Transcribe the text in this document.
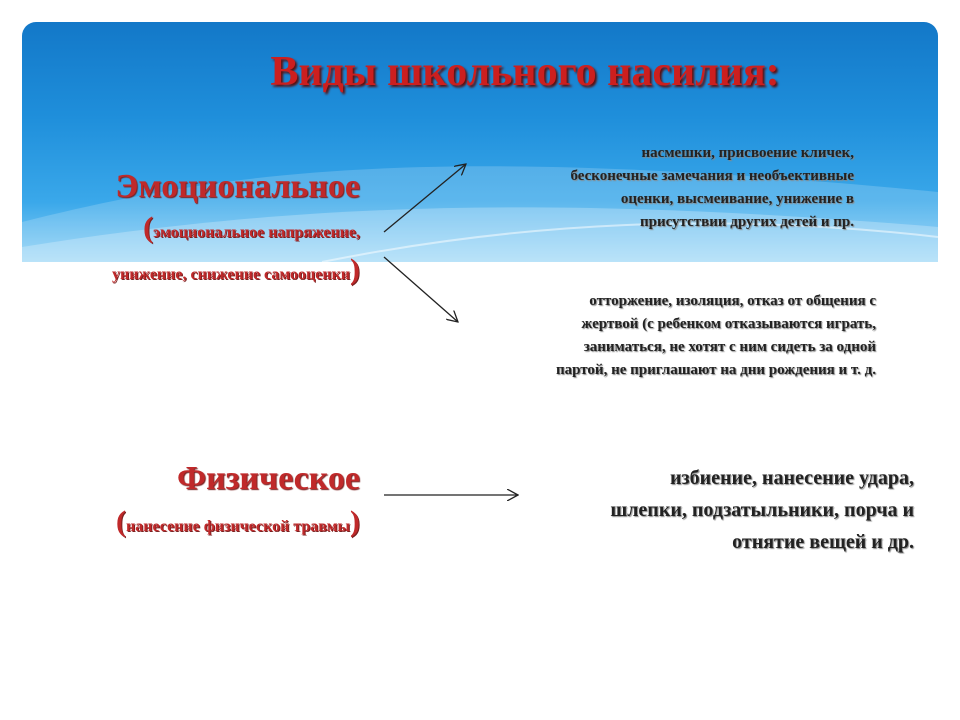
Виды школьного насилия:
Эмоциональное
(эмоциональное напряжение,
унижение, снижение самооценки)
насмешки, присвоение кличек,
бесконечные замечания и необъективные
оценки, высмеивание, унижение в
присутствии других детей и пр.
отторжение, изоляция, отказ от общения с
жертвой (с ребенком отказываются играть,
заниматься, не хотят с ним сидеть за одной
партой, не приглашают на дни рождения и т. д.
Физическое
(нанесение физической травмы)
избиение, нанесение удара,
шлепки, подзатыльники, порча и
отнятие вещей и др.
